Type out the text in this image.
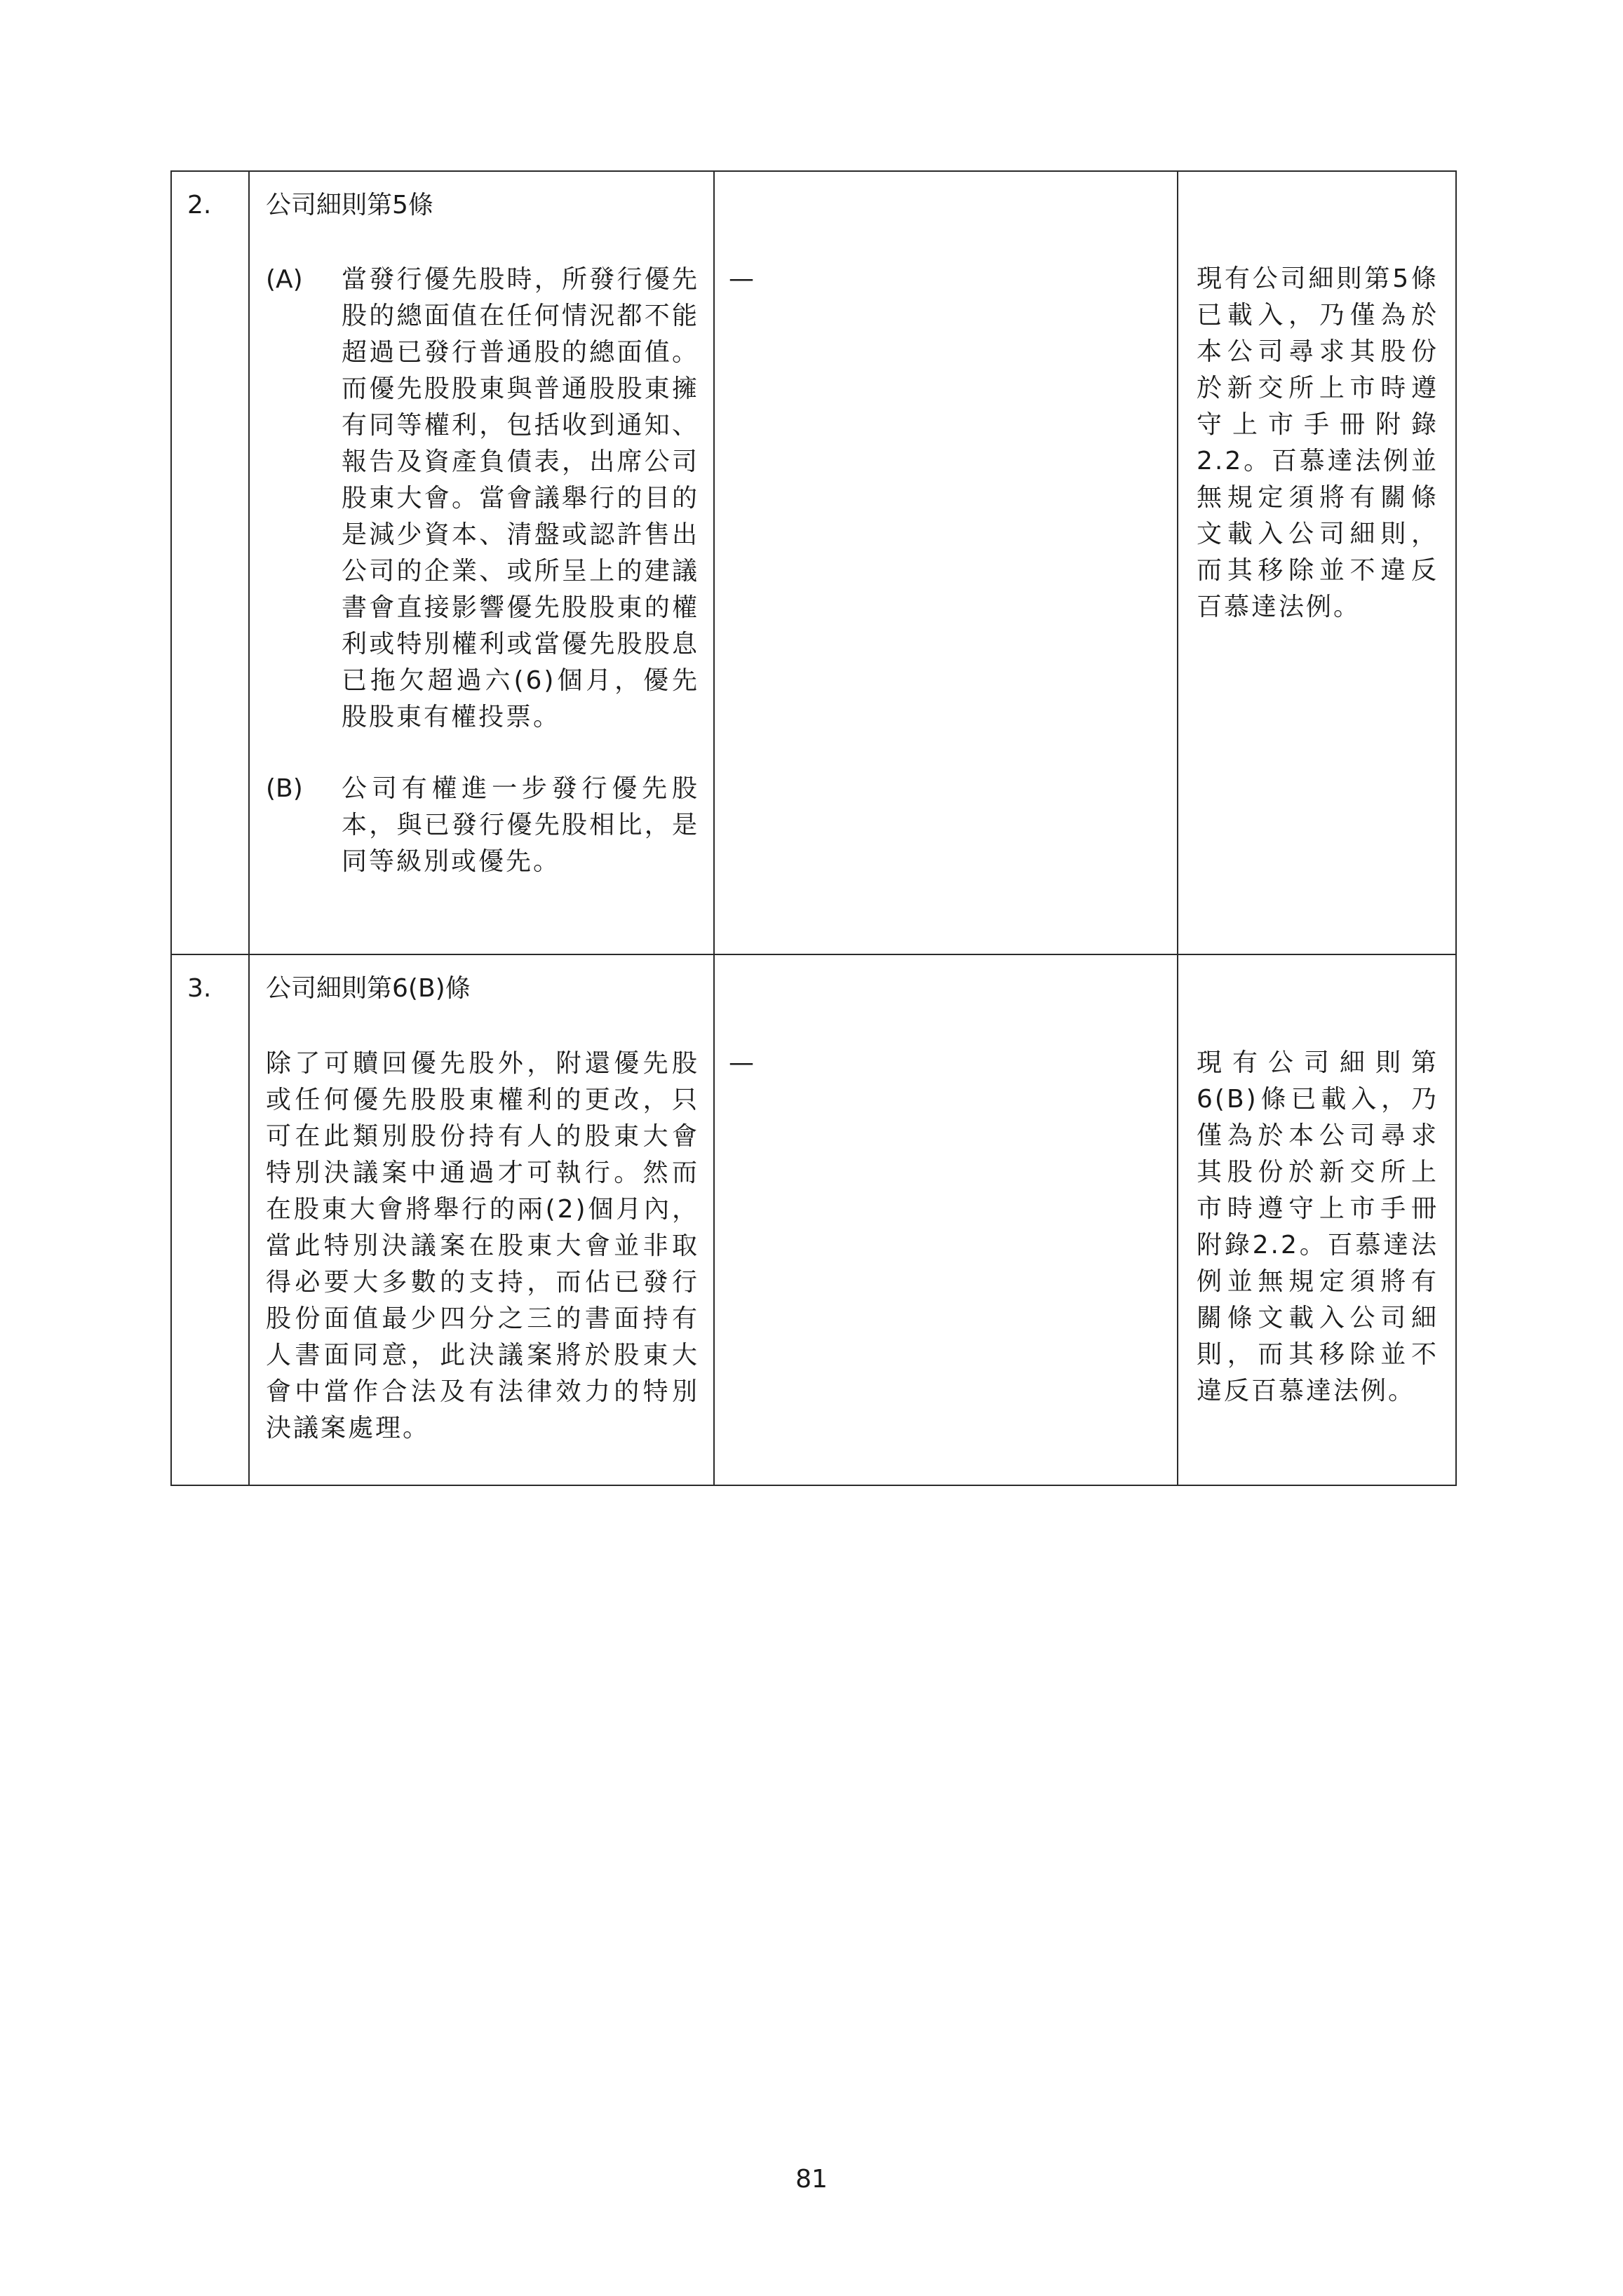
2.	公司細則第5條
(A) 當發行優先股時，所發行優先股的總面值在任何情況都不能超過已發行普通股的總面值。而優先股股東與普通股股東擁有同等權利，包括收到通知、報告及資產負債表，出席公司股東大會。當會議舉行的目的是減少資本、清盤或認許售出公司的企業、或所呈上的建議書會直接影響優先股股東的權利或特別權利或當優先股股息已拖欠超過六(6)個月，優先股股東有權投票。
(B) 公司有權進一步發行優先股本，與已發行優先股相比，是同等級別或優先。	—	現有公司細則第5條已載入，乃僅為於本公司尋求其股份於新交所上市時遵守上市手冊附錄2.2。百慕達法例並無規定須將有關條文載入公司細則，而其移除並不違反百慕達法例。

3.	公司細則第6(B)條
除了可贖回優先股外，附還優先股或任何優先股股東權利的更改，只可在此類別股份持有人的股東大會特別決議案中通過才可執行。然而在股東大會將舉行的兩(2)個月內，當此特別決議案在股東大會並非取得必要大多數的支持，而佔已發行股份面值最少四分之三的書面持有人書面同意，此決議案將於股東大會中當作合法及有法律效力的特別決議案處理。	—	現有公司細則第6(B)條已載入，乃僅為於本公司尋求其股份於新交所上市時遵守上市手冊附錄2.2。百慕達法例並無規定須將有關條文載入公司細則，而其移除並不違反百慕達法例。
81
